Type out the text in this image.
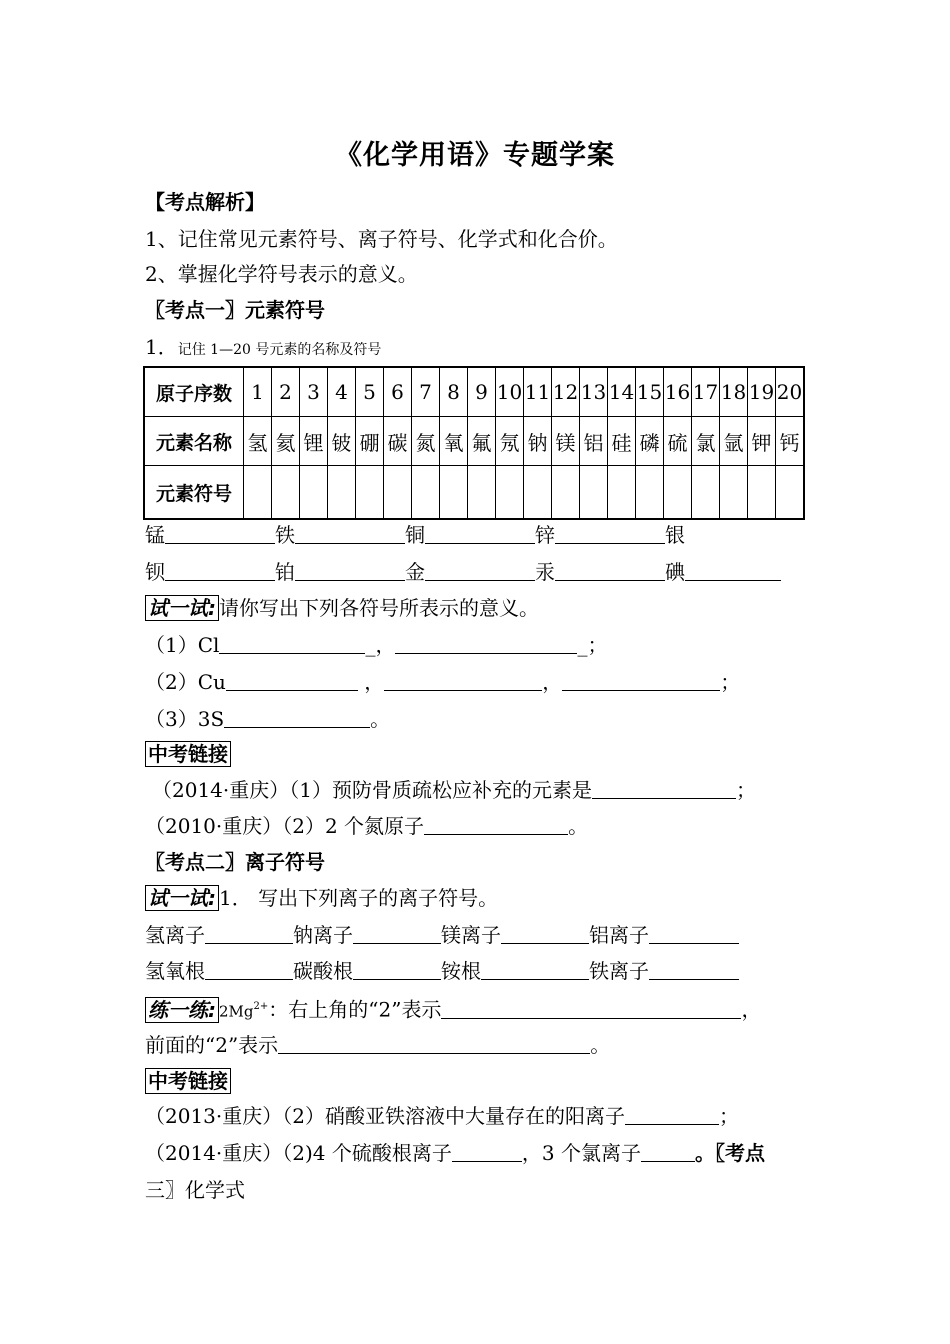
《化学用语》专题学案
【考点解析】
1、记住常见元素符号、离子符号、化学式和化合价。
2、掌握化学符号表示的意义。
〖考点一〗元素符号
1．记住 1—20 号元素的名称及符号
原子序数	1	2	3	4	5	6	7	8	9	10	11	12	13	14	15	16	17	18	19	20
元素名称	氢	氦	锂	铍	硼	碳	氮	氧	氟	氖	钠	镁	铝	硅	磷	硫	氯	氩	钾	钙
元素符号																				
锰	铁	铜	锌	银
钡	铂	金	汞	碘
试一试: 请你写出下列各符号所表示的意义。
（1）Cl	_，	_；
（2）Cu	，	，	；
（3）3S	。
中考链接
（2014·重庆）（1）预防骨质疏松应补充的元素是	；
（2010·重庆）（2）2 个氮原子	。
〖考点二〗离子符号
试一试: 1． 写出下列离子的离子符号。
氢离子	钠离子	镁离子	铝离子
氢氧根	碳酸根	铵根	铁离子
练一练: $2Mg^{2+}$：右上角的“2”表示	，
前面的“2”表示	。
中考链接
（2013·重庆）（2）硝酸亚铁溶液中大量存在的阳离子	；
（2014·重庆）（2)4 个硫酸根离子	，3 个氯离子	。〖考点
三〗化学式
